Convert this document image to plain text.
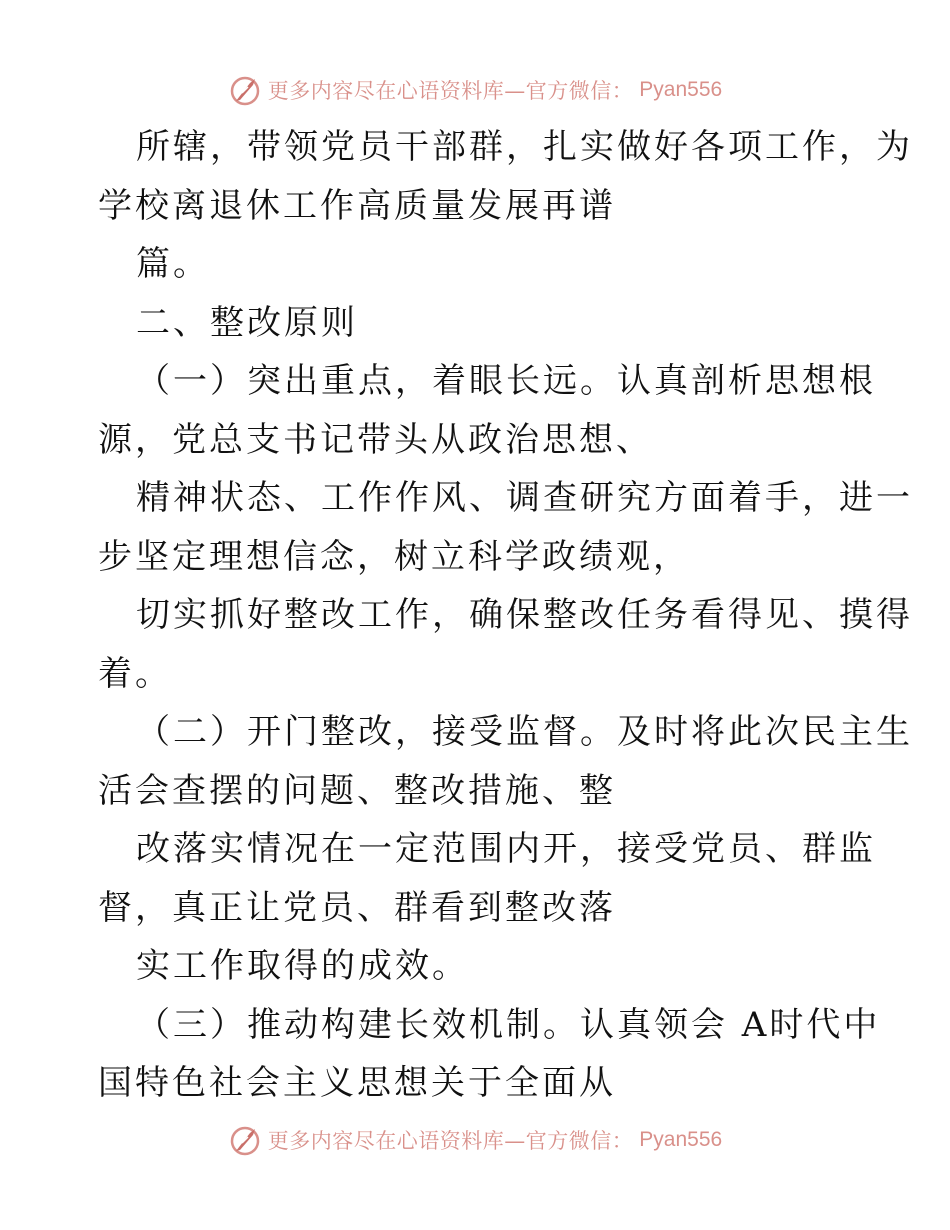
更多内容尽在心语资料库—官方微信： Pyan556
所辖，带领党员干部群，扎实做好各项工作，为
学校离退休工作高质量发展再谱
篇。
二、整改原则
（一）突出重点，着眼长远。认真剖析思想根
源，党总支书记带头从政治思想、
精神状态、工作作风、调查研究方面着手，进一
步坚定理想信念，树立科学政绩观，
切实抓好整改工作，确保整改任务看得见、摸得
着。
（二）开门整改，接受监督。及时将此次民主生
活会查摆的问题、整改措施、整
改落实情况在一定范围内开，接受党员、群监
督，真正让党员、群看到整改落
实工作取得的成效。
（三）推动构建长效机制。认真领会 A时代中
国特色社会主义思想关于全面从
更多内容尽在心语资料库—官方微信： Pyan556
